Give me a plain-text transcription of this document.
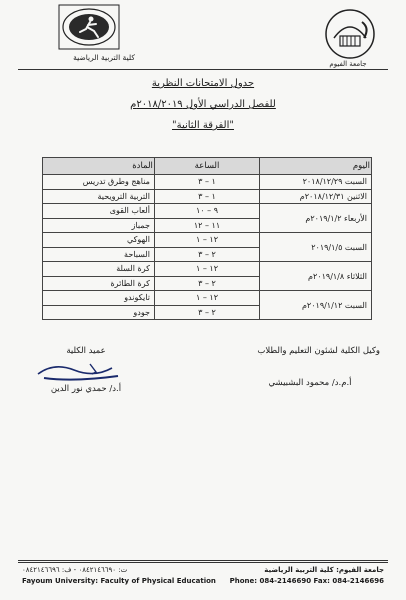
كلية التربية الرياضية
جامعة الفيوم
جدول الامتحانات النظرية
للفصل الدراسي الأول ٢٠١٨/٢٠١٩م
"الفرقة الثانية"
اليوم	الساعة	المادة
السبت ٢٠١٨/١٢/٢٩	١ – ٣	مناهج وطرق تدريس
الاثنين ٢٠١٨/١٢/٣١م	١ – ٣	التربية الترويحية
الأربعاء ٢٠١٩/١/٢م	٩ – ١٠	ألعاب القوى
	١١ – ١٢	جمباز
السبت ٢٠١٩/١/٥	١٢ – ١	الهوكي
	٢ – ٣	السباحة
الثلاثاء ٢٠١٩/١/٨م	١٢ – ١	كرة السلة
	٢ – ٣	كرة الطائرة
السبت ٢٠١٩/١/١٢م	١٢ – ١	تايكوندو
	٢ – ٣	جودو
عميد الكلية
أ.د/ حمدي نور الدين
وكيل الكلية لشئون التعليم والطلاب
أ.م.د/ محمود البشبيشي
ت: ٠٨٤٢١٤٦٦٩٠ - ف: ٠٨٤٢١٤٦٦٩٦
Fayoum University: Faculty of Physical Education
جامعة الفيوم: كلية التربية الرياضية
Phone: 084-2146690 Fax: 084-2146696
